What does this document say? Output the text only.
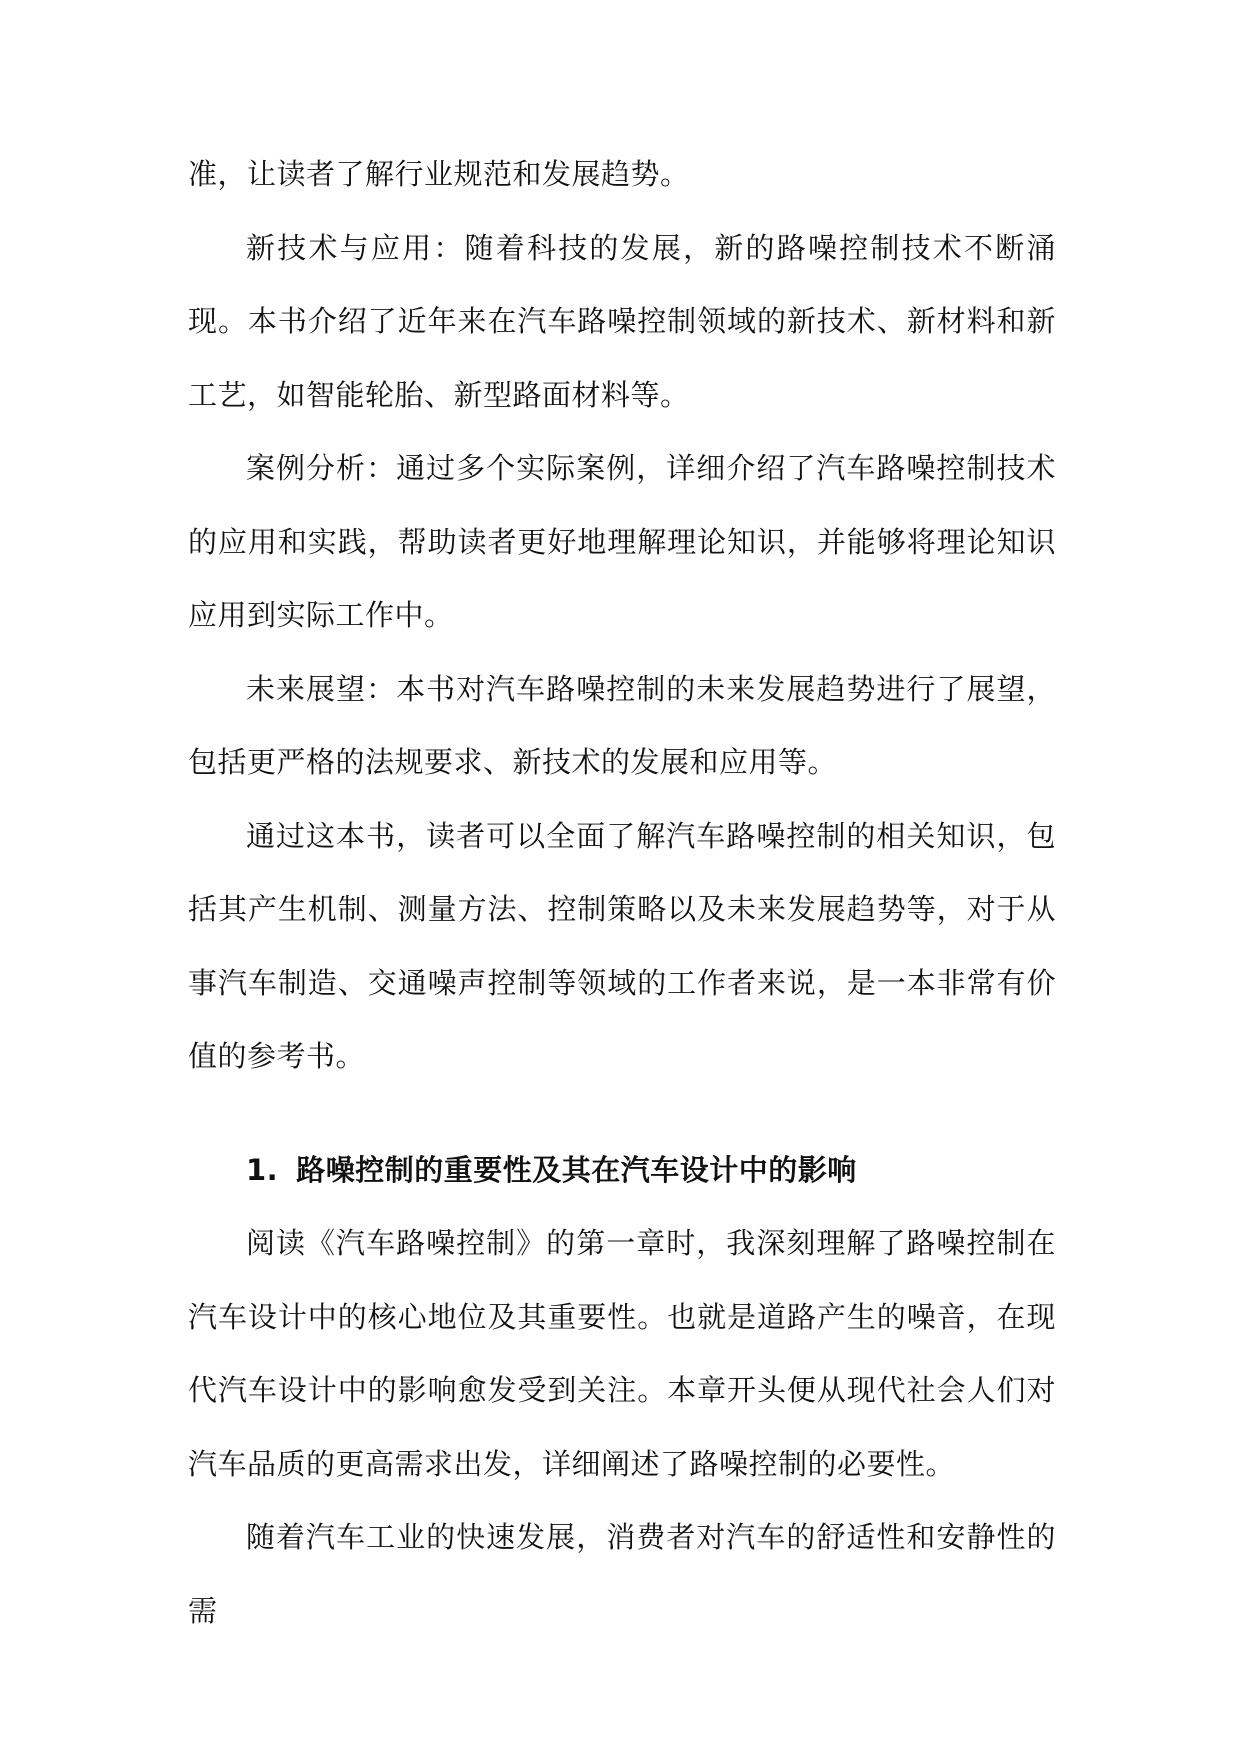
准，让读者了解行业规范和发展趋势。

新技术与应用：随着科技的发展，新的路噪控制技术不断涌现。本书介绍了近年来在汽车路噪控制领域的新技术、新材料和新工艺，如智能轮胎、新型路面材料等。

案例分析：通过多个实际案例，详细介绍了汽车路噪控制技术的应用和实践，帮助读者更好地理解理论知识，并能够将理论知识应用到实际工作中。

未来展望：本书对汽车路噪控制的未来发展趋势进行了展望，包括更严格的法规要求、新技术的发展和应用等。

通过这本书，读者可以全面了解汽车路噪控制的相关知识，包括其产生机制、测量方法、控制策略以及未来发展趋势等，对于从事汽车制造、交通噪声控制等领域的工作者来说，是一本非常有价值的参考书。

1. 路噪控制的重要性及其在汽车设计中的影响

阅读《汽车路噪控制》的第一章时，我深刻理解了路噪控制在汽车设计中的核心地位及其重要性。也就是道路产生的噪音，在现代汽车设计中的影响愈发受到关注。本章开头便从现代社会人们对汽车品质的更高需求出发，详细阐述了路噪控制的必要性。

随着汽车工业的快速发展，消费者对汽车的舒适性和安静性的需
